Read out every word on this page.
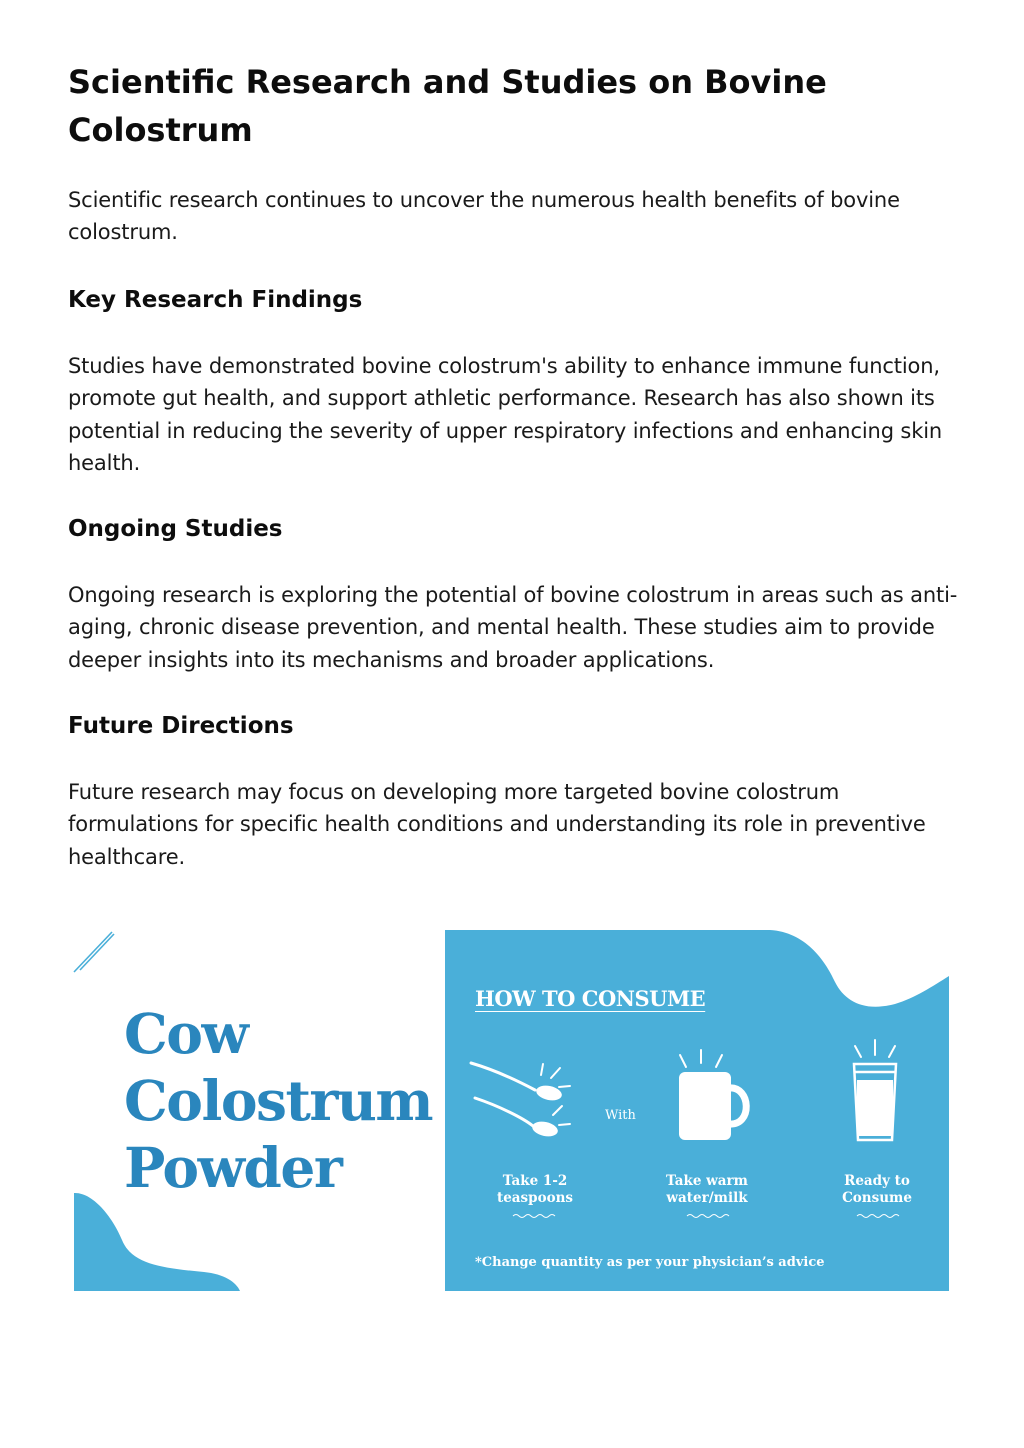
Scientific Research and Studies on Bovine Colostrum

Scientific research continues to uncover the numerous health benefits of bovine colostrum.

Key Research Findings

Studies have demonstrated bovine colostrum's ability to enhance immune function, promote gut health, and support athletic performance. Research has also shown its potential in reducing the severity of upper respiratory infections and enhancing skin health.

Ongoing Studies

Ongoing research is exploring the potential of bovine colostrum in areas such as anti-aging, chronic disease prevention, and mental health. These studies aim to provide deeper insights into its mechanisms and broader applications.

Future Directions

Future research may focus on developing more targeted bovine colostrum formulations for specific health conditions and understanding its role in preventive healthcare.

Cow
Colostrum
Powder
HOW TO CONSUME
With
Take 1-2
teaspoons
Take warm
water/milk
Ready to
Consume
*Change quantity as per your physician’s advice
